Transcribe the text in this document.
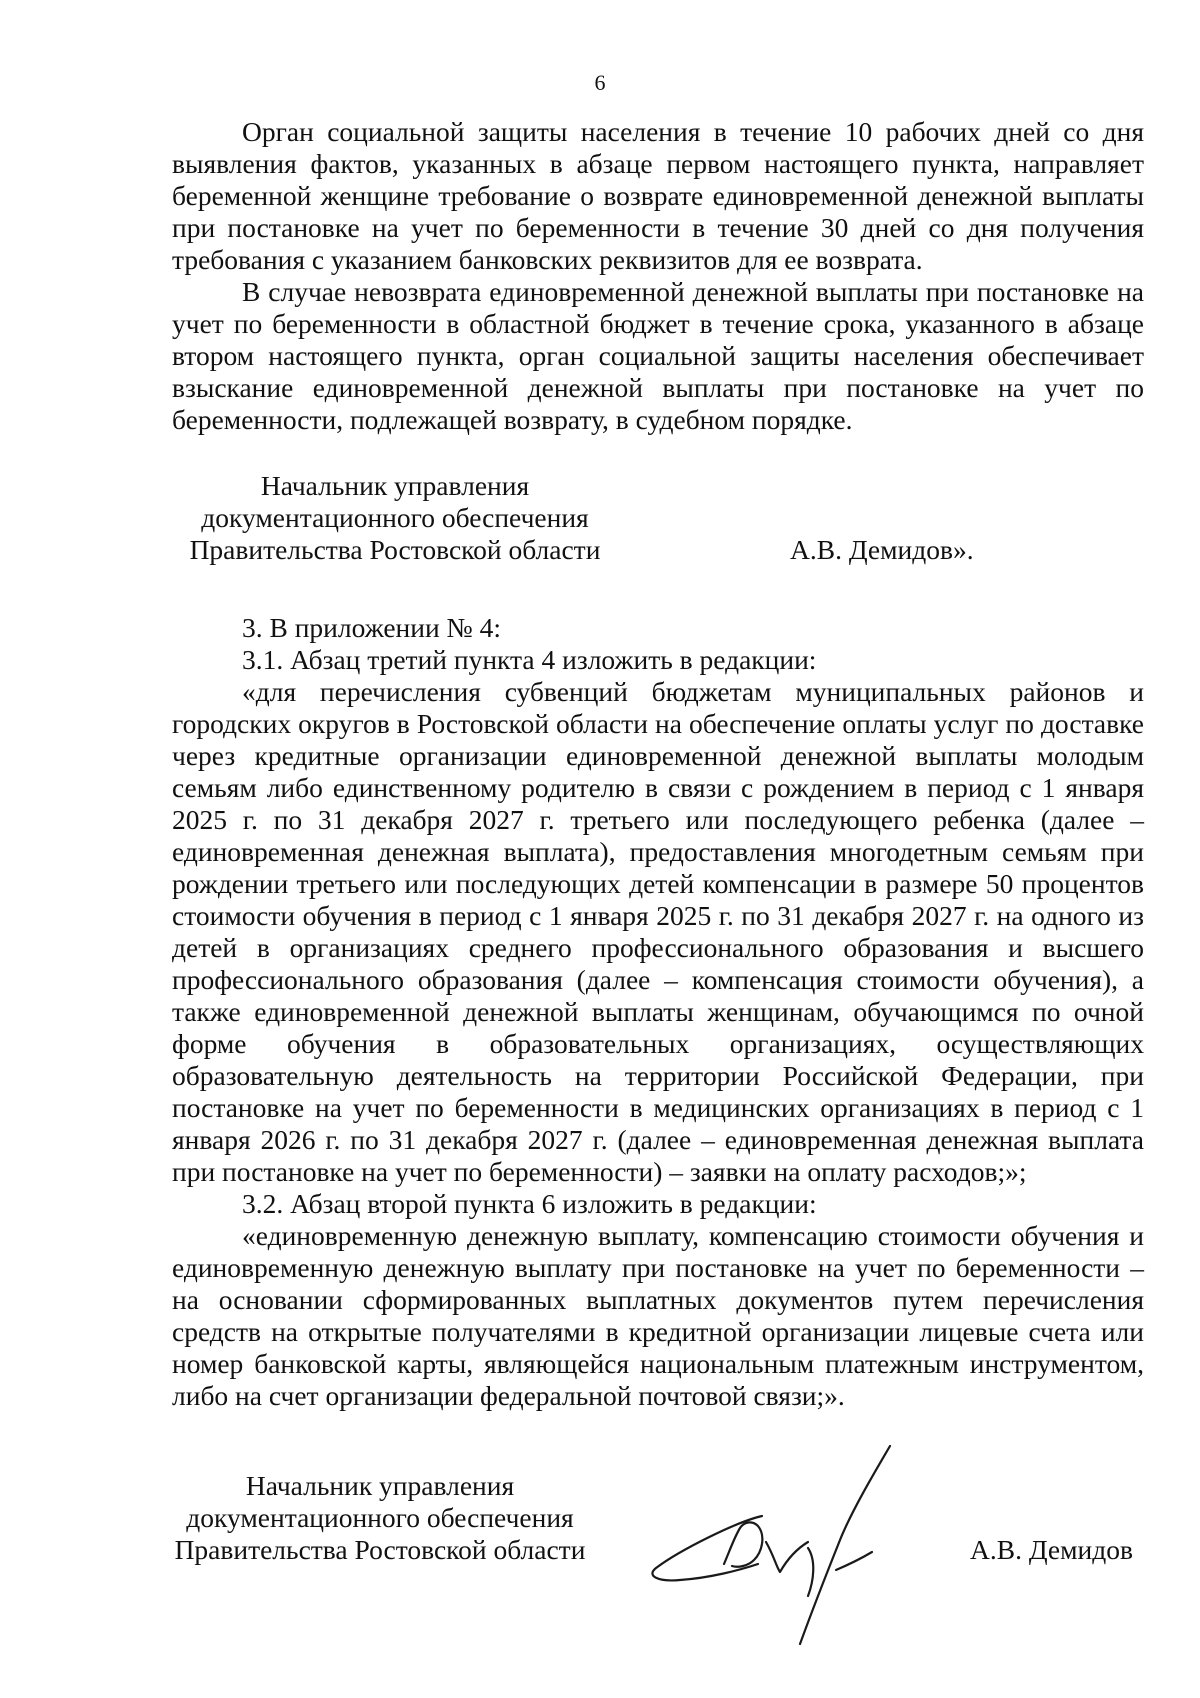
6

Орган социальной защиты населения в течение 10 рабочих дней со дня выявления фактов, указанных в абзаце первом настоящего пункта, направляет беременной женщине требование о возврате единовременной денежной выплаты при постановке на учет по беременности в течение 30 дней со дня получения требования с указанием банковских реквизитов для ее возврата.

В случае невозврата единовременной денежной выплаты при постановке на учет по беременности в областной бюджет в течение срока, указанного в абзаце втором настоящего пункта, орган социальной защиты населения обеспечивает взыскание единовременной денежной выплаты при постановке на учет по беременности, подлежащей возврату, в судебном порядке.

Начальник управления
документационного обеспечения
Правительства Ростовской области	А.В. Демидов».

3. В приложении № 4:

3.1. Абзац третий пункта 4 изложить в редакции:

«для перечисления субвенций бюджетам муниципальных районов и городских округов в Ростовской области на обеспечение оплаты услуг по доставке через кредитные организации единовременной денежной выплаты молодым семьям либо единственному родителю в связи с рождением в период с 1 января 2025 г. по 31 декабря 2027 г. третьего или последующего ребенка (далее – единовременная денежная выплата), предоставления многодетным семьям при рождении третьего или последующих детей компенсации в размере 50 процентов стоимости обучения в период с 1 января 2025 г. по 31 декабря 2027 г. на одного из детей в организациях среднего профессионального образования и высшего профессионального образования (далее – компенсация стоимости обучения), а также единовременной денежной выплаты женщинам, обучающимся по очной форме обучения в образовательных организациях, осуществляющих образовательную деятельность на территории Российской Федерации, при постановке на учет по беременности в медицинских организациях в период с 1 января 2026 г. по 31 декабря 2027 г. (далее – единовременная денежная выплата при постановке на учет по беременности) – заявки на оплату расходов;»;

3.2. Абзац второй пункта 6 изложить в редакции:

«единовременную денежную выплату, компенсацию стоимости обучения и единовременную денежную выплату при постановке на учет по беременности – на основании сформированных выплатных документов путем перечисления средств на открытые получателями в кредитной организации лицевые счета или номер банковской карты, являющейся национальным платежным инструментом, либо на счет организации федеральной почтовой связи;».

Начальник управления
документационного обеспечения
Правительства Ростовской области	А.В. Демидов
